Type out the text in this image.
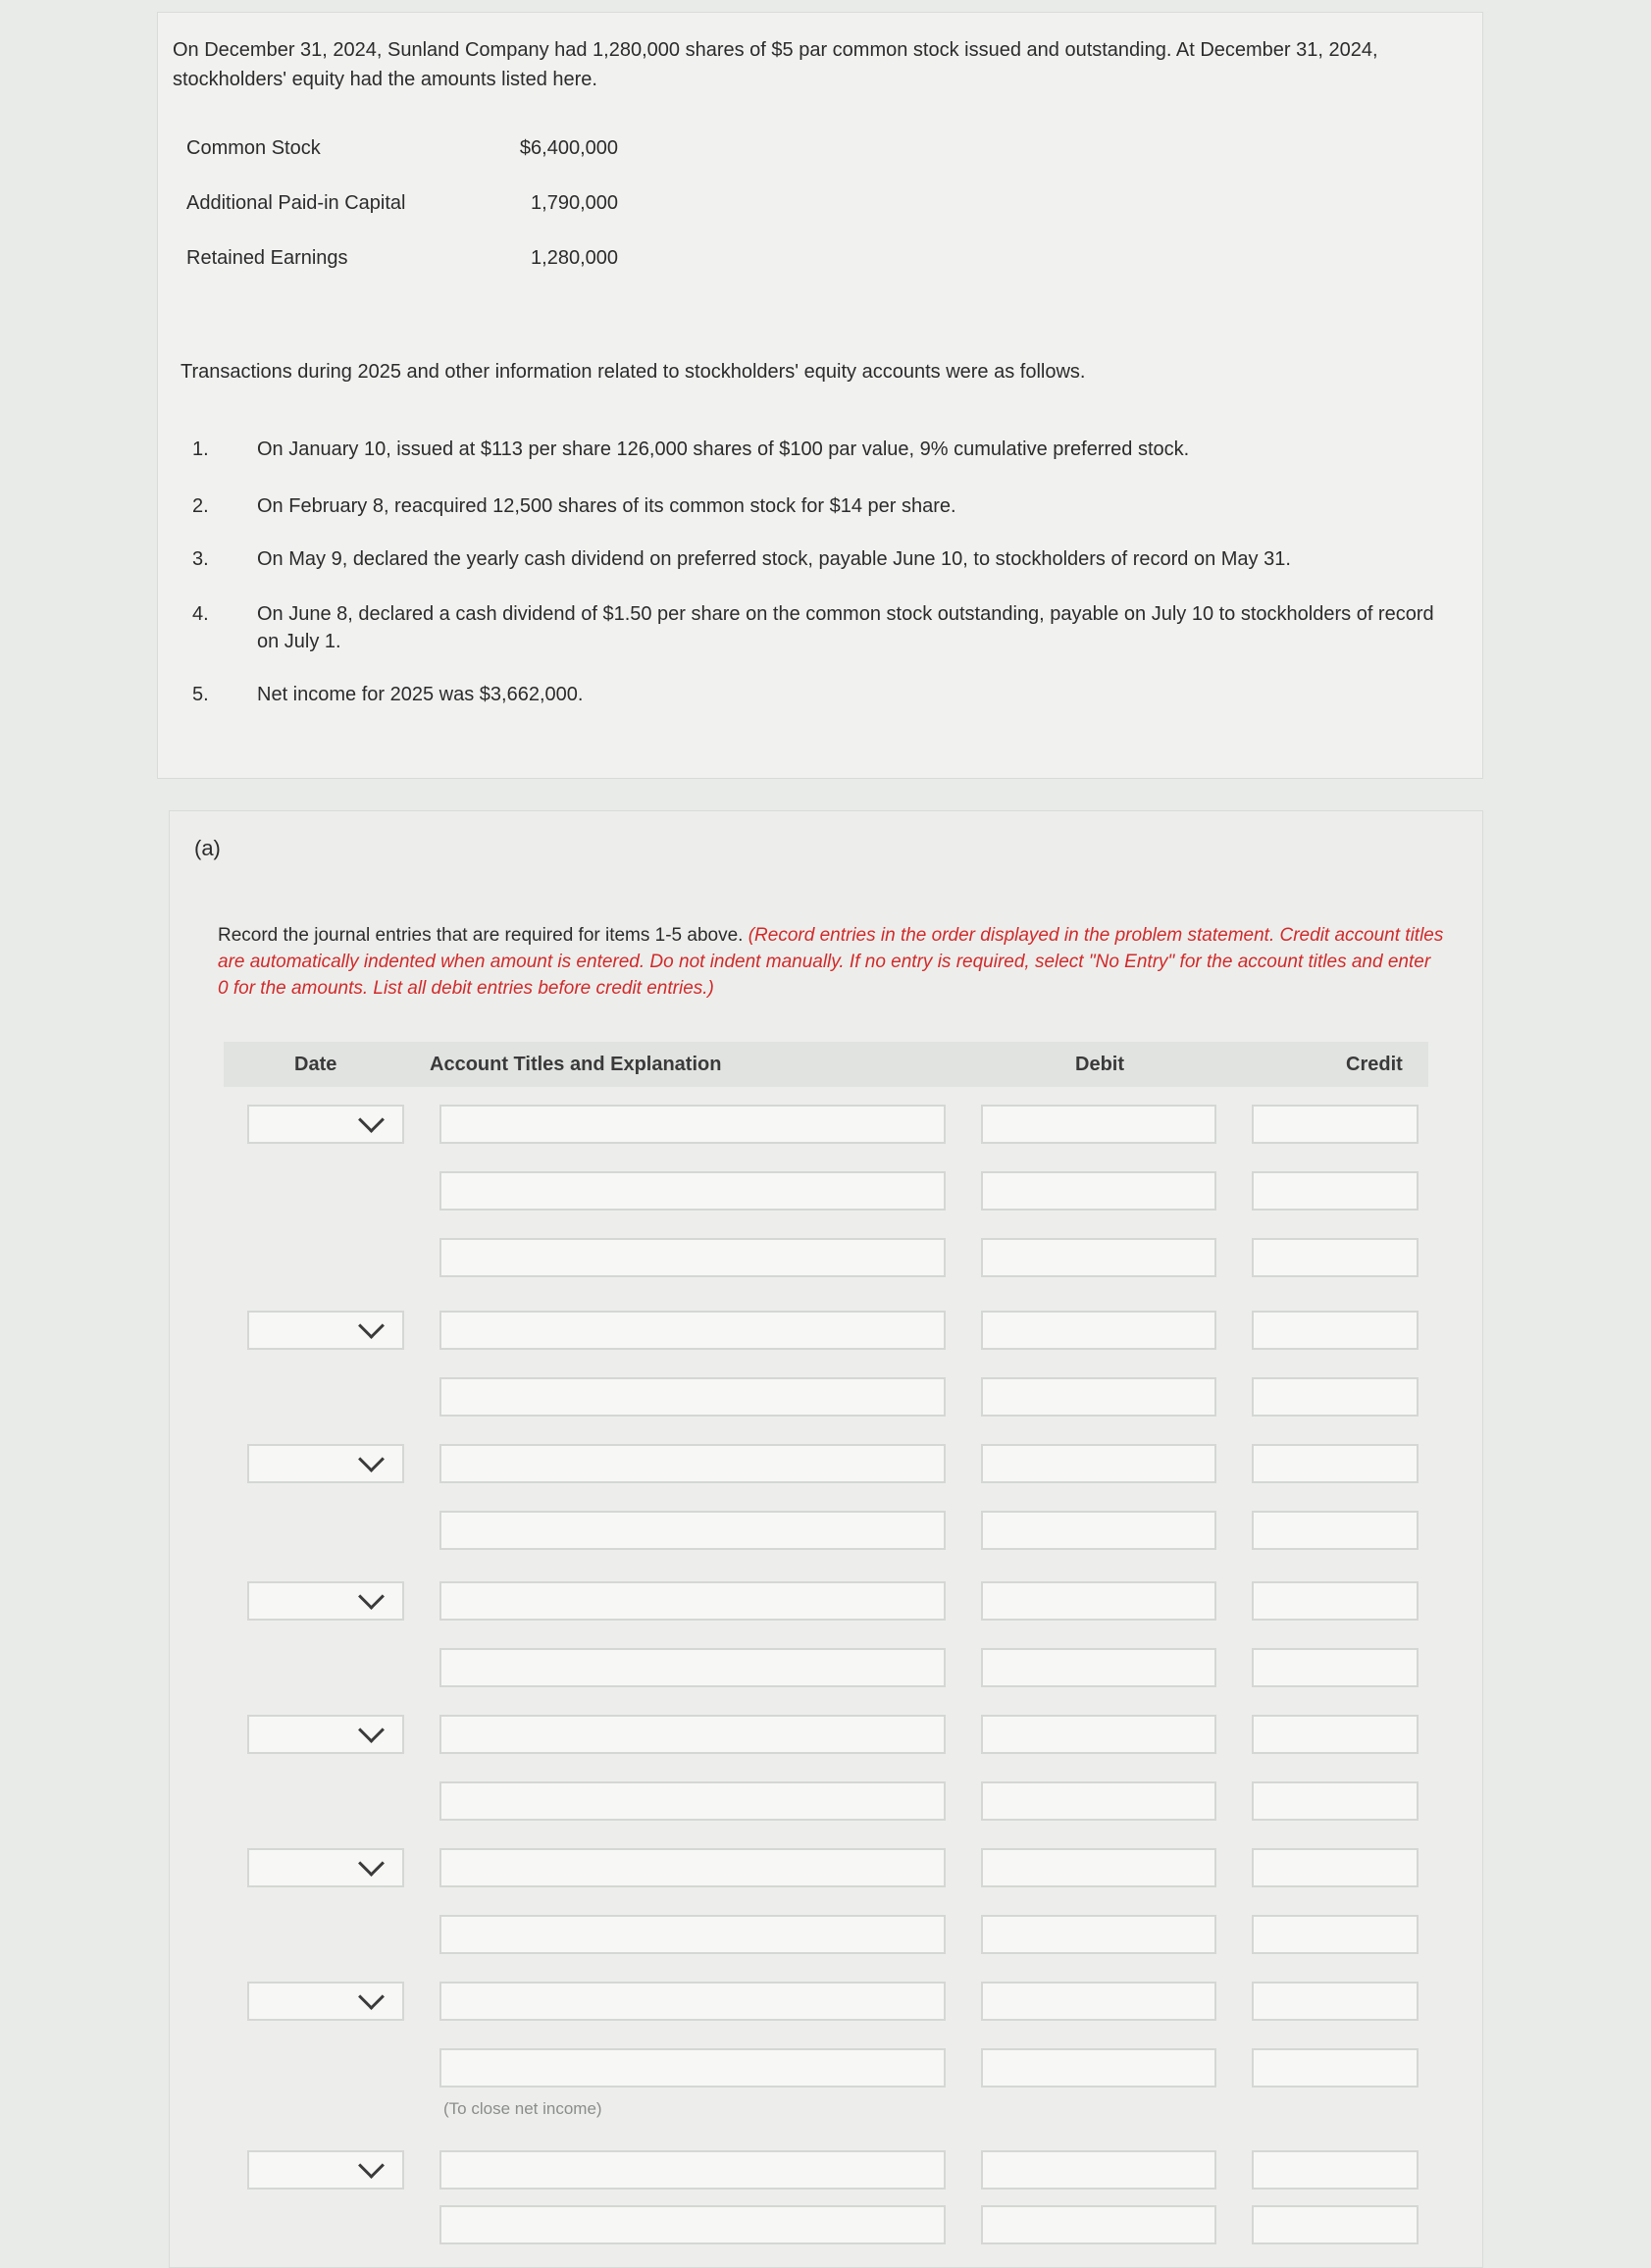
On December 31, 2024, Sunland Company had 1,280,000 shares of $5 par common stock issued and outstanding. At December 31, 2024, stockholders' equity had the amounts listed here.

Common Stock	$6,400,000
Additional Paid-in Capital	1,790,000
Retained Earnings	1,280,000
Transactions during 2025 and other information related to stockholders' equity accounts were as follows.
1.	On January 10, issued at $113 per share 126,000 shares of $100 par value, 9% cumulative preferred stock.
2.	On February 8, reacquired 12,500 shares of its common stock for $14 per share.
3.	On May 9, declared the yearly cash dividend on preferred stock, payable June 10, to stockholders of record on May 31.
4.	On June 8, declared a cash dividend of $1.50 per share on the common stock outstanding, payable on July 10 to stockholders of record on July 1.
5.	Net income for 2025 was $3,662,000.
(a)

Record the journal entries that are required for items 1-5 above. (Record entries in the order displayed in the problem statement. Credit account titles are automatically indented when amount is entered. Do not indent manually. If no entry is required, select "No Entry" for the account titles and enter 0 for the amounts. List all debit entries before credit entries.)

Date	Account Titles and Explanation	Debit	Credit
(To close net income)
